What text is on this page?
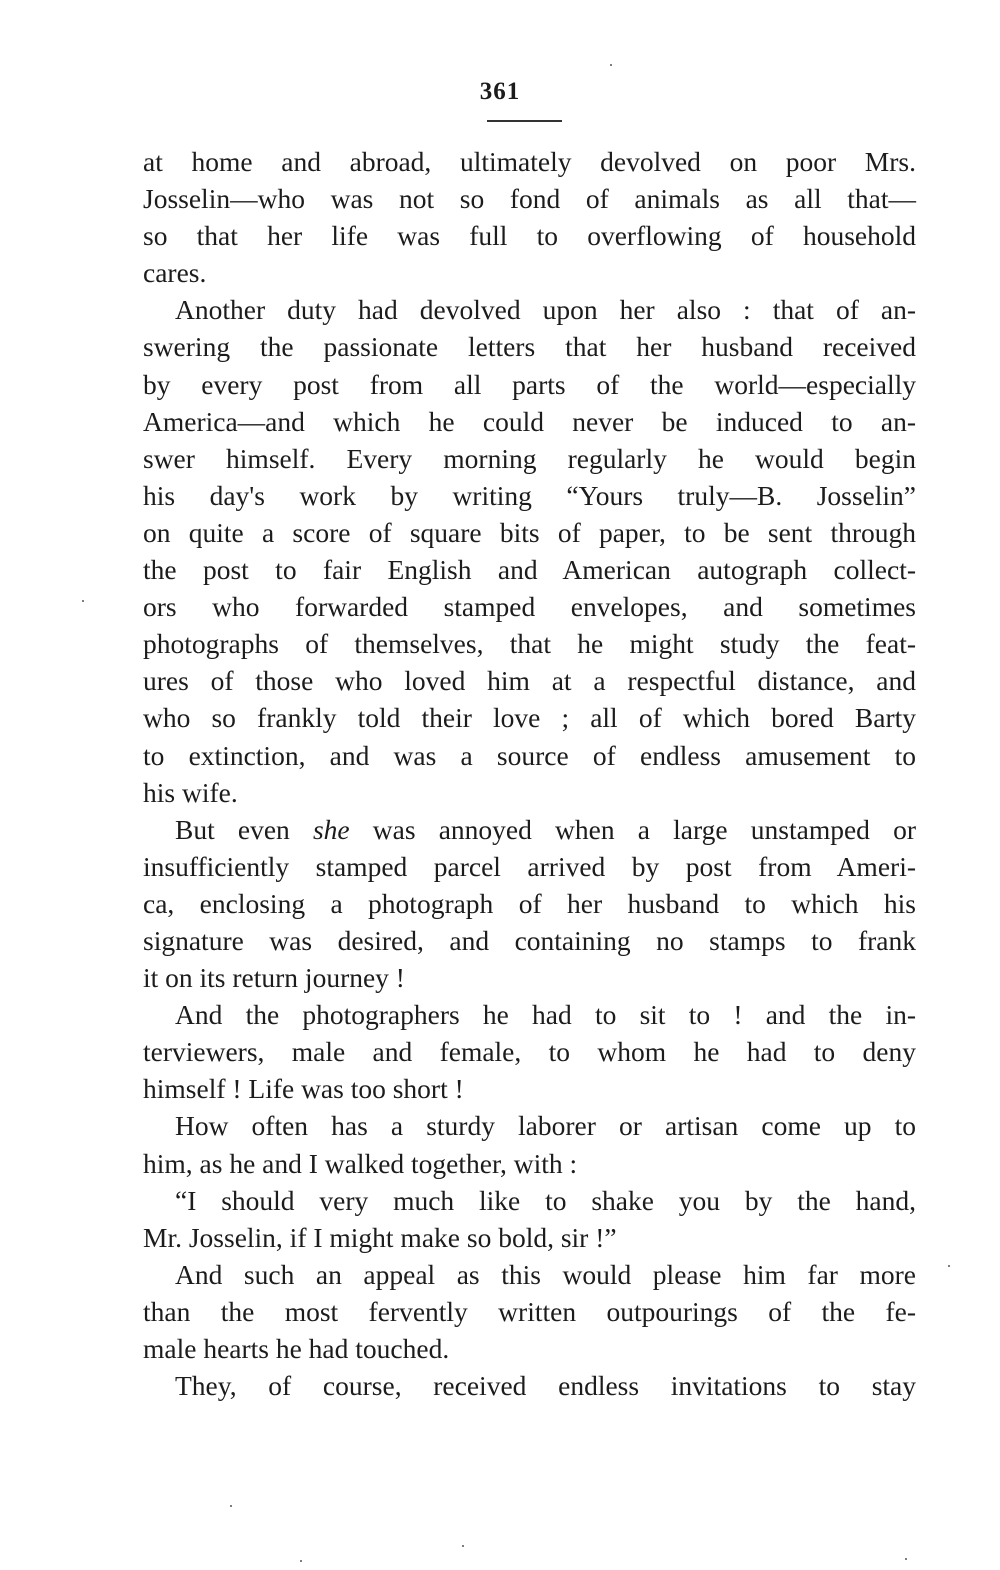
361
at home and abroad, ultimately devolved on poor Mrs.
Josselin—who was not so fond of animals as all that—
so that her life was full to overflowing of household
cares.
Another duty had devolved upon her also : that of an-
swering the passionate letters that her husband received
by every post from all parts of the world—especially
America—and which he could never be induced to an-
swer himself. Every morning regularly he would begin
his day's work by writing “Yours truly—B. Josselin”
on quite a score of square bits of paper, to be sent through
the post to fair English and American autograph collect-
ors who forwarded stamped envelopes, and sometimes
photographs of themselves, that he might study the feat-
ures of those who loved him at a respectful distance, and
who so frankly told their love ; all of which bored Barty
to extinction, and was a source of endless amusement to
his wife.
But even she was annoyed when a large unstamped or
insufficiently stamped parcel arrived by post from Ameri-
ca, enclosing a photograph of her husband to which his
signature was desired, and containing no stamps to frank
it on its return journey !
And the photographers he had to sit to ! and the in-
terviewers, male and female, to whom he had to deny
himself ! Life was too short !
How often has a sturdy laborer or artisan come up to
him, as he and I walked together, with :
“I should very much like to shake you by the hand,
Mr. Josselin, if I might make so bold, sir !”
And such an appeal as this would please him far more
than the most fervently written outpourings of the fe-
male hearts he had touched.
They, of course, received endless invitations to stay
